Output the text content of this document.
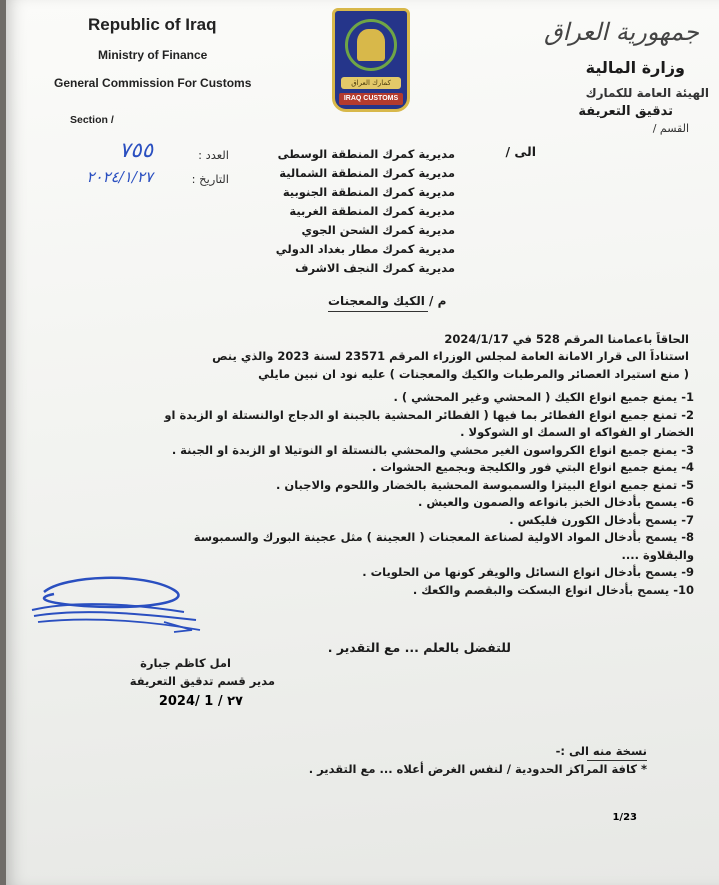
Republic of Iraq
Ministry of Finance
General Commission For Customs
Section /
كمارك العراق
IRAQ CUSTOMS
جمهورية العراق
وزارة المالية
الهيئة العامة للكمارك
تدقيق التعريفة
القسم /
العدد :
٧٥٥
التاريخ :
٢٠٢٤/١/٢٧
الى /
مديرية كمرك المنطقة الوسطى
مديرية كمرك المنطقة الشمالية
مديرية كمرك المنطقة الجنوبية
مديرية كمرك المنطقة الغربية
مديرية كمرك الشحن الجوي
مديرية كمرك مطار بغداد الدولي
مديرية كمرك النجف الاشرف
م / الكيك والمعجنات

الحاقاً باعمامنا المرقم 528 في 2024/1/17

استناداً الى قرار الامانة العامة لمجلس الوزراء المرقم 23571 لسنة 2023 والذي ينص

( منع استيراد العصائر والمرطبات والكيك والمعجنات ) عليه نود ان نبين مايلي

1- يمنع جميع انواع الكيك ( المحشي وغير المحشي ) .
2- تمنع جميع انواع الفطائر بما فيها ( الفطائر المحشية بالجبنة او الدجاج اوالنستلة او الزبدة او
الخضار او الفواكه او السمك او الشوكولا .
3- يمنع جميع انواع الكرواسون الغير محشي والمحشي بالنستلة او النوتيلا او الزبدة او الجبنة .
4- يمنع جميع انواع البتي فور والكليجة وبجميع الحشوات .
5- تمنع جميع انواع البيتزا والسمبوسة المحشية بالخضار واللحوم والاجبان .
6- يسمح بأدخال الخبز بانواعه والصمون والعيش .
7- يسمح بأدخال الكورن فليكس .
8- يسمح بأدخال المواد الاولية لصناعة المعجنات ( العجينة ) مثل عجينة البورك والسمبوسة
والبقلاوة ....
9- يسمح بأدخال انواع النسائل والويفر كونها من الحلويات .
10- يسمح بأدخال انواع البسكت والبقصم والكعك .
للتفضل بالعلم ... مع التقدير .
امل كاظم جبارة
مدير قسم تدقيق التعريفة
2024/ 1 / ٢٧
نسخة منه الى :-
* كافة المراكز الحدودية / لنفس الغرض أعلاه ... مع التقدير .
1/23
